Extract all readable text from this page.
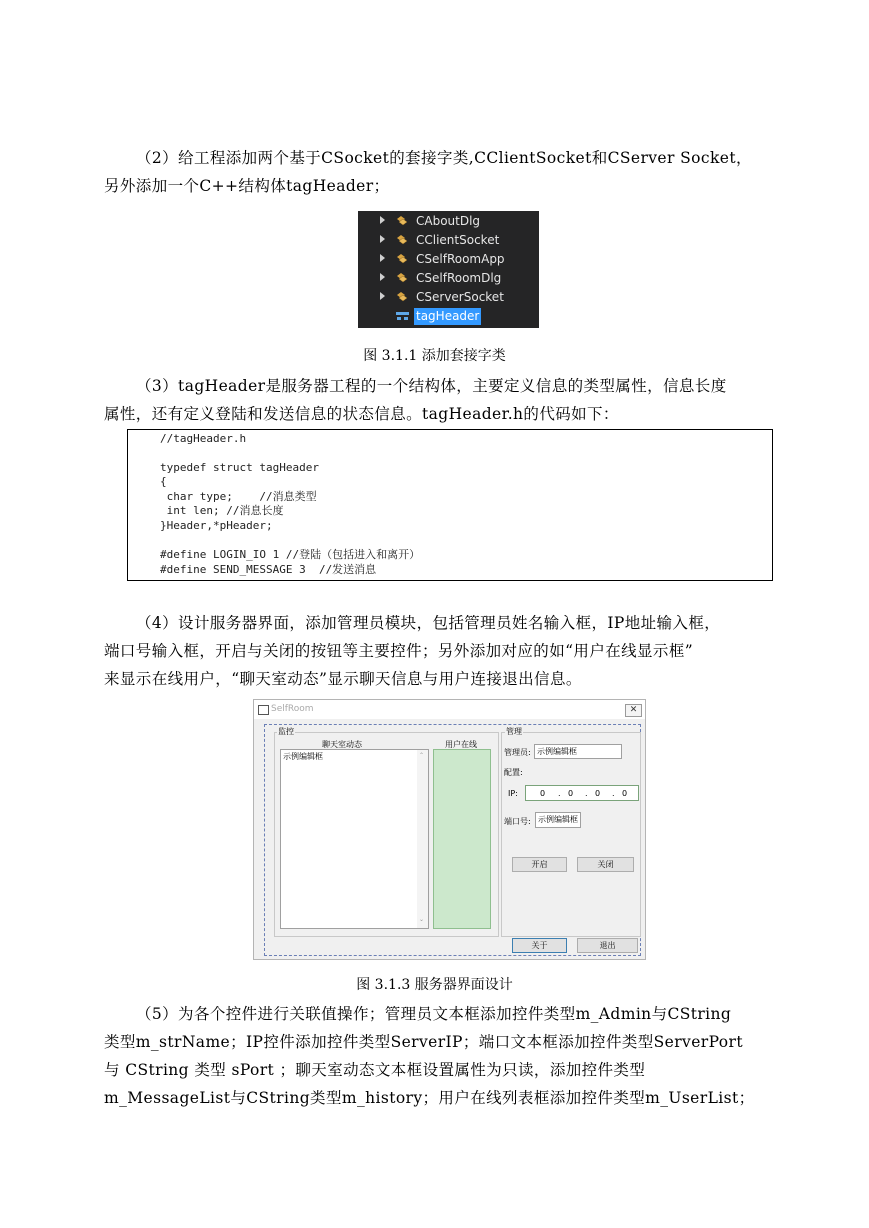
（2）给工程添加两个基于CSocket的套接字类,CClientSocket和CServer Socket，
另外添加一个C++结构体tagHeader；
CAboutDlg
CClientSocket
CSelfRoomApp
CSelfRoomDlg
CServerSocket
tagHeader
图 3.1.1 添加套接字类
（3）tagHeader是服务器工程的一个结构体，主要定义信息的类型属性，信息长度
属性，还有定义登陆和发送信息的状态信息。tagHeader.h的代码如下：
//tagHeader.h
typedef struct tagHeader
{
char type;    //消息类型
int len; //消息长度
}Header,*pHeader;
#define LOGIN_IO 1 //登陆（包括进入和离开）
#define SEND_MESSAGE 3  //发送消息
（4）设计服务器界面，添加管理员模块，包括管理员姓名输入框，IP地址输入框，
端口号输入框，开启与关闭的按钮等主要控件；另外添加对应的如“用户在线显示框”
来显示在线用户，“聊天室动态”显示聊天信息与用户连接退出信息。
SelfRoom	✕
监控
聊天室动态	用户在线
示例编辑框	⌃
⌄
管理
管理员: 示例编辑框
配置:
IP:	0 . 0 . 0 . 0
端口号: 示例编辑框
开启	关闭
关于	退出
图 3.1.3 服务器界面设计
（5）为各个控件进行关联值操作；管理员文本框添加控件类型m_Admin与CString
类型m_strName；IP控件添加控件类型ServerIP；端口文本框添加控件类型ServerPort
与 CString 类型 sPort ；聊天室动态文本框设置属性为只读，添加控件类型
m_MessageList与CString类型m_history；用户在线列表框添加控件类型m_UserList；
